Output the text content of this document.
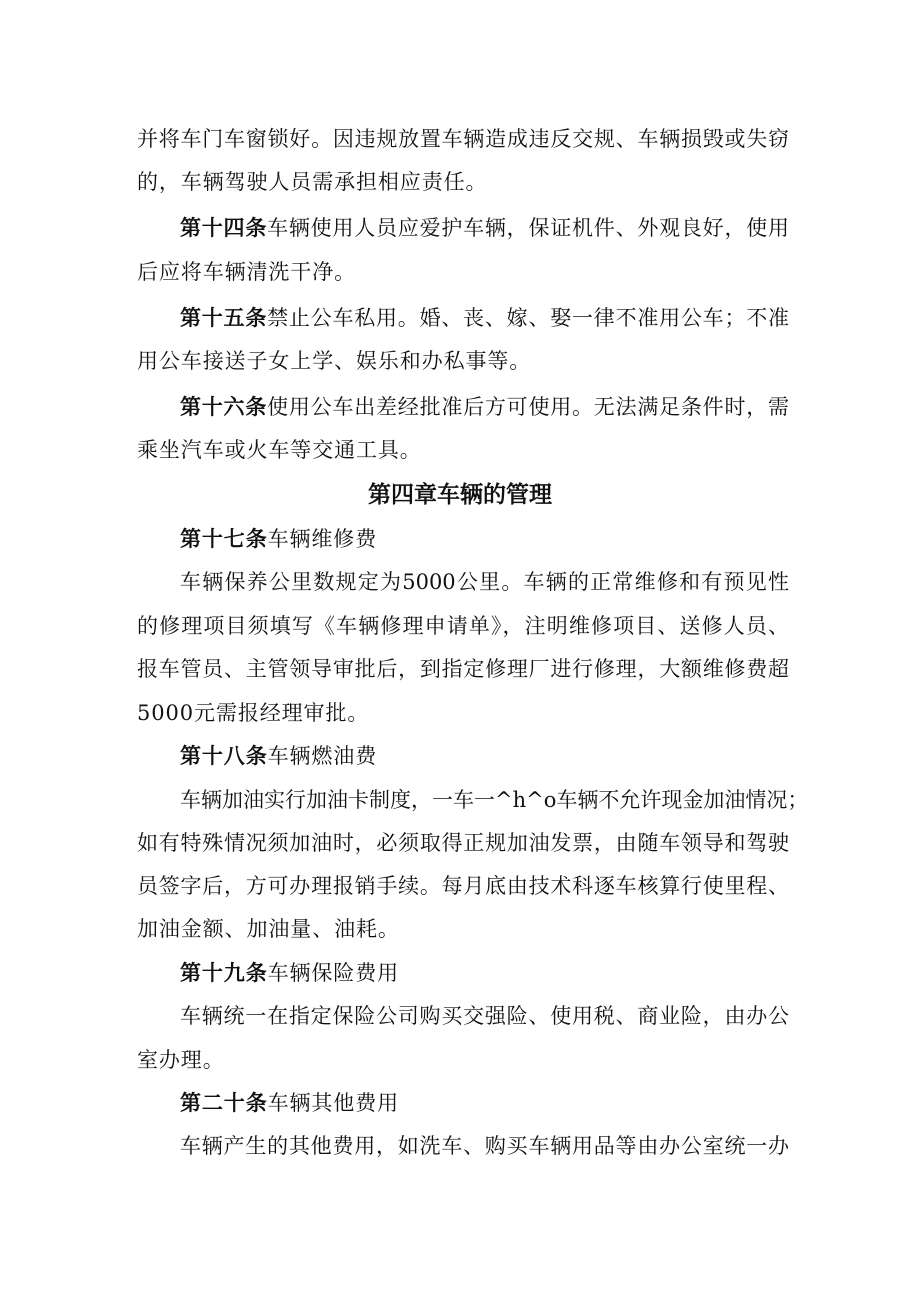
并将车门车窗锁好。因违规放置车辆造成违反交规、车辆损毁或失窃
的，车辆驾驶人员需承担相应责任。
第十四条车辆使用人员应爱护车辆，保证机件、外观良好，使用
后应将车辆清洗干净。
第十五条禁止公车私用。婚、丧、嫁、娶一律不准用公车；不准
用公车接送子女上学、娱乐和办私事等。
第十六条使用公车出差经批准后方可使用。无法满足条件时，需
乘坐汽车或火车等交通工具。
第四章车辆的管理
第十七条车辆维修费
车辆保养公里数规定为5000公里。车辆的正常维修和有预见性
的修理项目须填写《车辆修理申请单》，注明维修项目、送修人员、
报车管员、主管领导审批后，到指定修理厂进行修理，大额维修费超
5000元需报经理审批。
第十八条车辆燃油费
车辆加油实行加油卡制度，一车一^h^o车辆不允许现金加油情况；
如有特殊情况须加油时，必须取得正规加油发票，由随车领导和驾驶
员签字后，方可办理报销手续。每月底由技术科逐车核算行使里程、
加油金额、加油量、油耗。
第十九条车辆保险费用
车辆统一在指定保险公司购买交强险、使用税、商业险，由办公
室办理。
第二十条车辆其他费用
车辆产生的其他费用，如洗车、购买车辆用品等由办公室统一办
